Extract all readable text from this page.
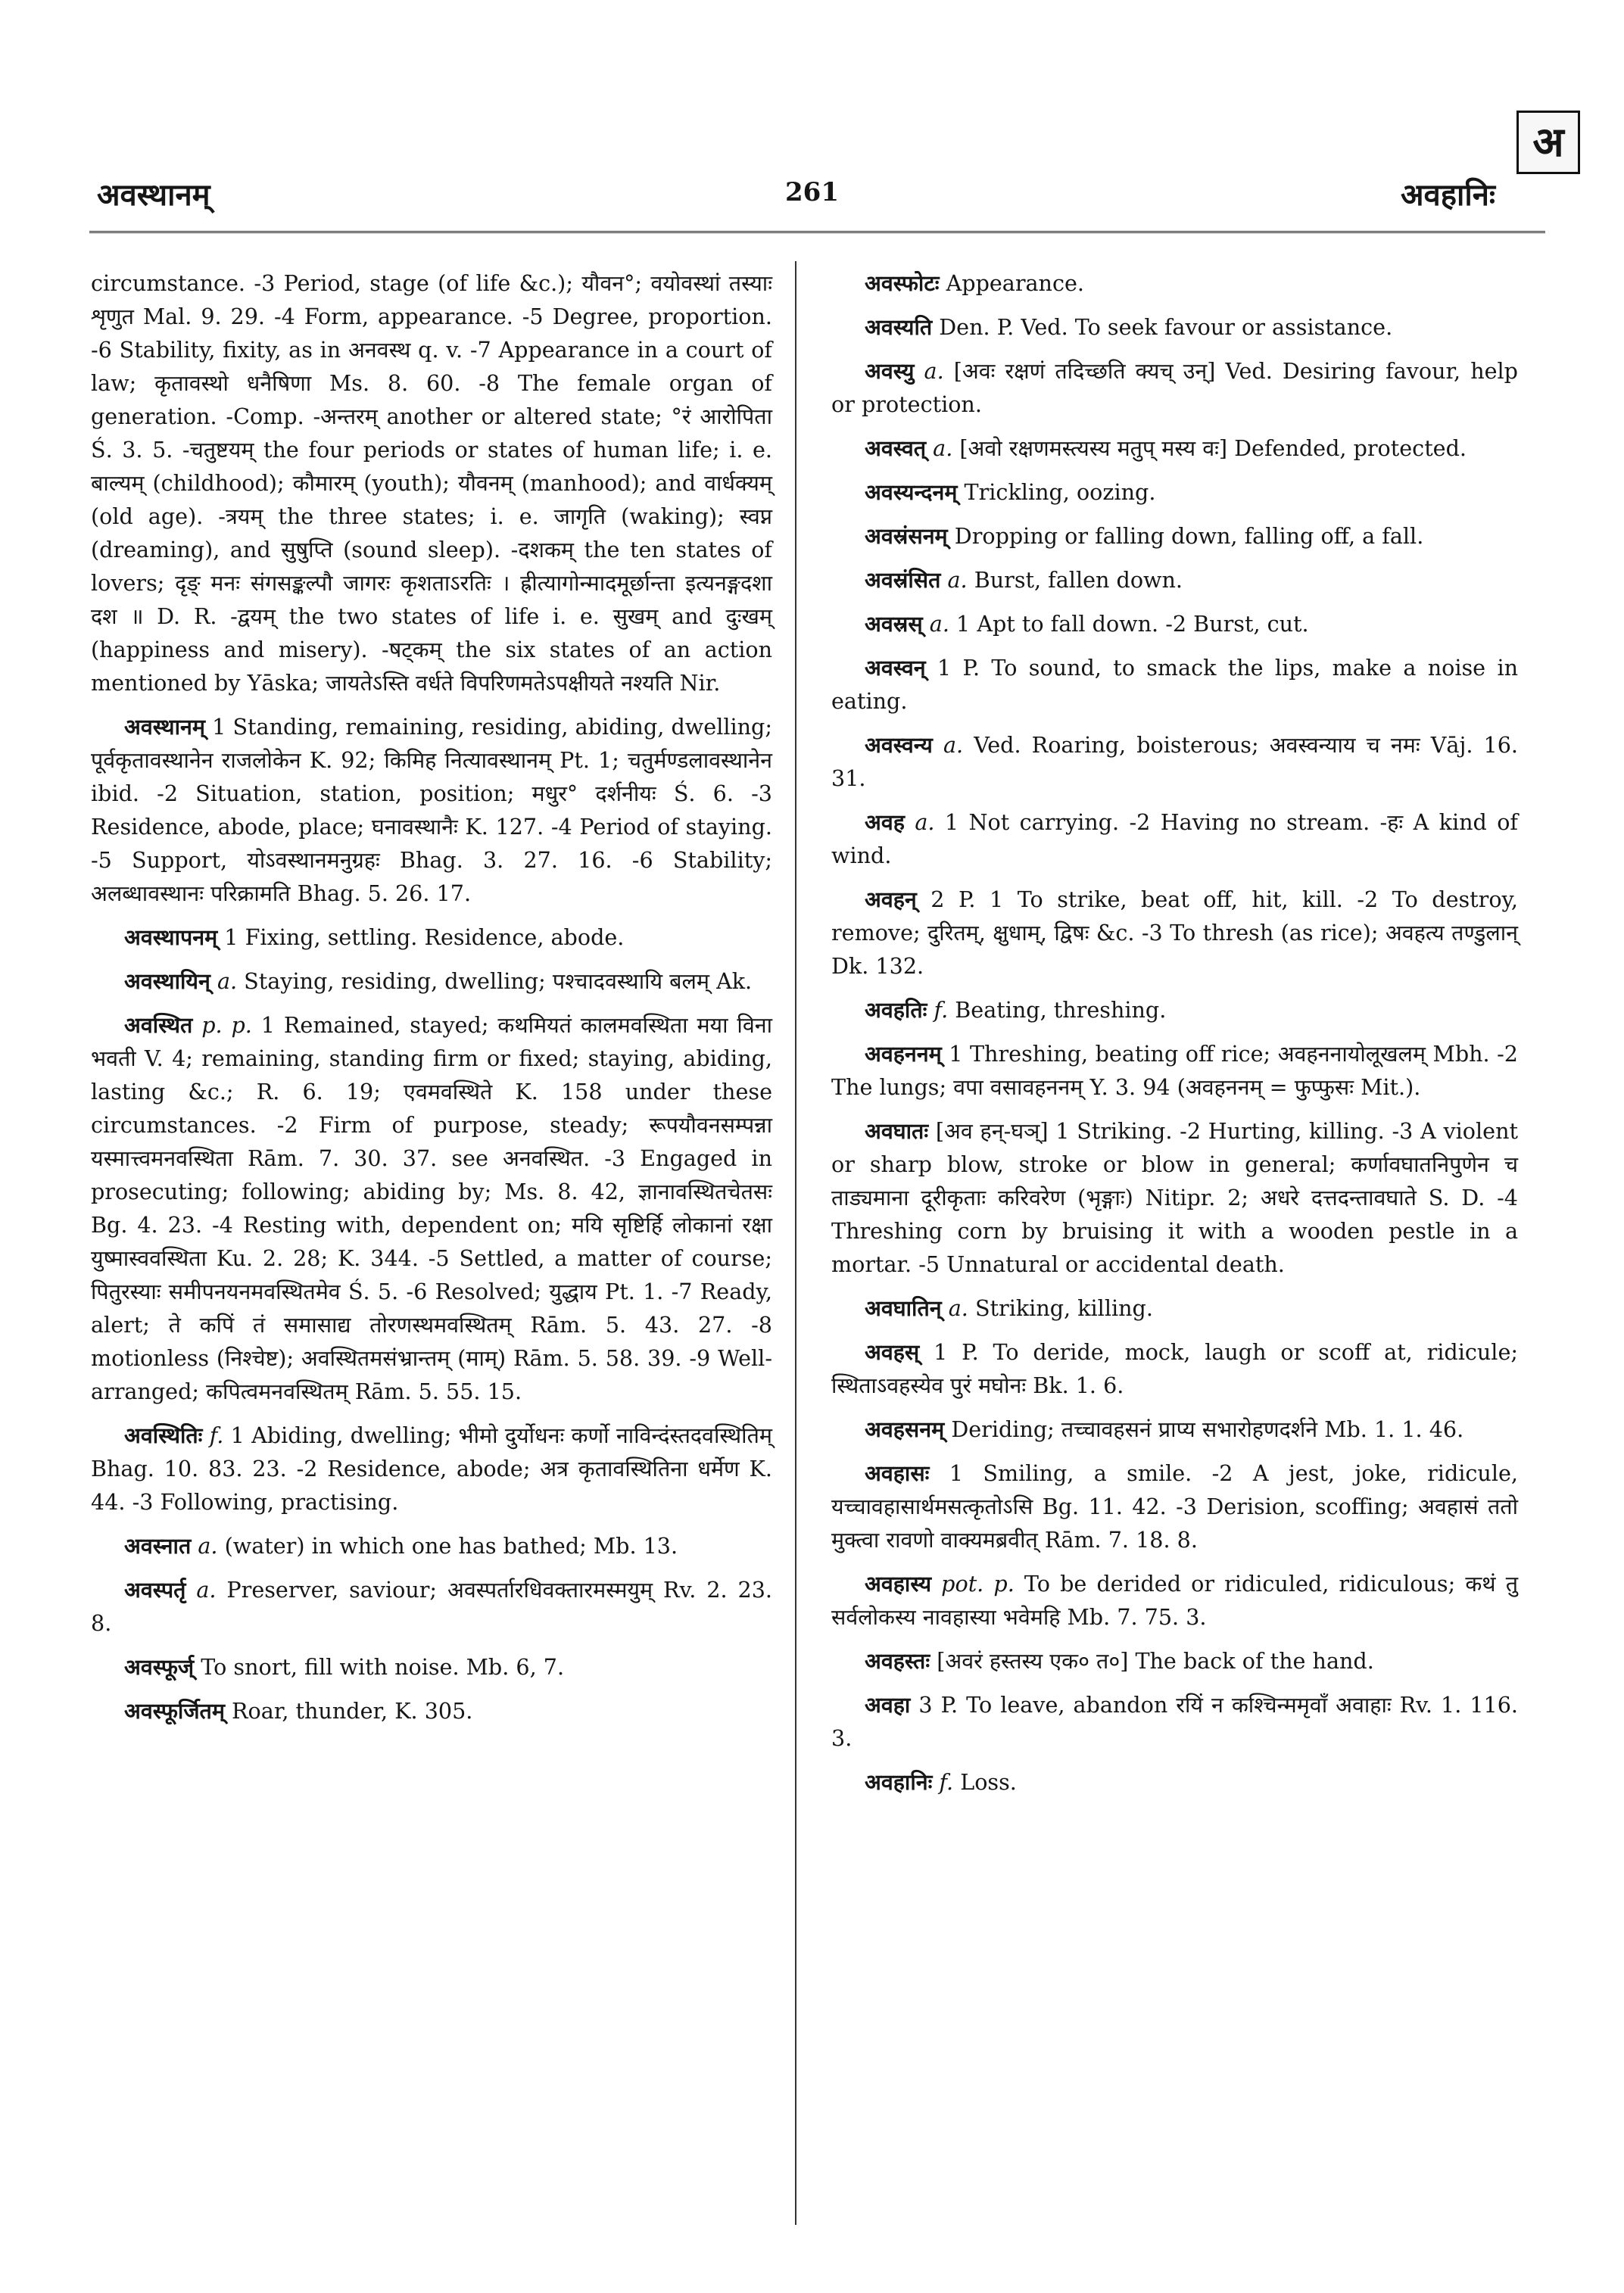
अवस्थानम्	261	अवहानिः
अ

circumstance. -3 Period, stage (of life &c.); यौवन°; वयोवस्थां तस्याः शृणुत Mal. 9. 29. -4 Form, appearance. -5 Degree, proportion. -6 Stability, fixity, as in अनवस्थ q. v. -7 Appearance in a court of law; कृतावस्थो धनैषिणा Ms. 8. 60. -8 The female organ of generation. -Comp. -अन्तरम् another or altered state; °रं आरोपिता Ś. 3. 5. -चतुष्टयम् the four periods or states of human life; i. e. बाल्यम् (childhood); कौमारम् (youth); यौवनम् (manhood); and वार्धक्यम् (old age). -त्रयम् the three states; i. e. जागृति (waking); स्वप्न (dreaming), and सुषुप्ति (sound sleep). -दशकम् the ten states of lovers; दृङ् मनः संगसङ्कल्पौ जागरः कृशताऽरतिः । ह्रीत्यागोन्मादमूर्छान्ता इत्यनङ्गदशा दश ॥ D. R. -द्वयम् the two states of life i. e. सुखम् and दुःखम् (happiness and misery). -षट्कम् the six states of an action mentioned by Yāska; जायतेऽस्ति वर्धते विपरिणमतेऽपक्षीयते नश्यति Nir.

अवस्थानम् 1 Standing, remaining, residing, abiding, dwelling; पूर्वकृतावस्थानेन राजलोकेन K. 92; किमिह नित्यावस्थानम् Pt. 1; चतुर्मण्डलावस्थानेन ibid. -2 Situation, station, position; मधुर° दर्शनीयः Ś. 6. -3 Residence, abode, place; घनावस्थानैः K. 127. -4 Period of staying. -5 Support, योऽवस्थानमनुग्रहः Bhag. 3. 27. 16. -6 Stability; अलब्धावस्थानः परिक्रामति Bhag. 5. 26. 17.

अवस्थापनम् 1 Fixing, settling. Residence, abode.

अवस्थायिन् a. Staying, residing, dwelling; पश्चादवस्थायि बलम् Ak.

अवस्थित p. p. 1 Remained, stayed; कथमियतं कालमवस्थिता मया विना भवती V. 4; remaining, standing firm or fixed; staying, abiding, lasting &c.; R. 6. 19; एवमवस्थिते K. 158 under these circumstances. -2 Firm of purpose, steady; रूपयौवनसम्पन्ना यस्मात्त्वमनवस्थिता Rām. 7. 30. 37. see अनवस्थित. -3 Engaged in prosecuting; following; abiding by; Ms. 8. 42, ज्ञानावस्थितचेतसः Bg. 4. 23. -4 Resting with, dependent on; मयि सृष्टिर्हि लोकानां रक्षा युष्मास्ववस्थिता Ku. 2. 28; K. 344. -5 Settled, a matter of course; पितुरस्याः समीपनयनमवस्थितमेव Ś. 5. -6 Resolved; युद्धाय Pt. 1. -7 Ready, alert; ते कपिं तं समासाद्य तोरणस्थमवस्थितम् Rām. 5. 43. 27. -8 motionless (निश्चेष्ट); अवस्थितमसंभ्रान्तम् (माम्) Rām. 5. 58. 39. -9 Well-arranged; कपित्वमनवस्थितम् Rām. 5. 55. 15.

अवस्थितिः f. 1 Abiding, dwelling; भीमो दुर्योधनः कर्णो नाविन्दंस्तदवस्थितिम् Bhag. 10. 83. 23. -2 Residence, abode; अत्र कृतावस्थितिना धर्मेण K. 44. -3 Following, practising.

अवस्नात a. (water) in which one has bathed; Mb. 13.

अवस्पर्तृ a. Preserver, saviour; अवस्पर्तारधिवक्तारमस्मयुम् Rv. 2. 23. 8.

अवस्फूर्ज् To snort, fill with noise. Mb. 6, 7.

अवस्फूर्जितम् Roar, thunder, K. 305.

अवस्फोटः Appearance.

अवस्यति Den. P. Ved. To seek favour or assistance.

अवस्यु a. [अवः रक्षणं तदिच्छति क्यच् उन्] Ved. Desiring favour, help or protection.

अवस्वत् a. [अवो रक्षणमस्त्यस्य मतुप् मस्य वः] Defended, protected.

अवस्यन्दनम् Trickling, oozing.

अवस्रंसनम् Dropping or falling down, falling off, a fall.

अवस्रंसित a. Burst, fallen down.

अवस्रस् a. 1 Apt to fall down. -2 Burst, cut.

अवस्वन् 1 P. To sound, to smack the lips, make a noise in eating.

अवस्वन्य a. Ved. Roaring, boisterous; अवस्वन्याय च नमः Vāj. 16. 31.

अवह a. 1 Not carrying. -2 Having no stream. -हः A kind of wind.

अवहन् 2 P. 1 To strike, beat off, hit, kill. -2 To destroy, remove; दुरितम्, क्षुधाम्, द्विषः &c. -3 To thresh (as rice); अवहत्य तण्डुलान् Dk. 132.

अवहतिः f. Beating, threshing.

अवहननम् 1 Threshing, beating off rice; अवहननायोलूखलम् Mbh. -2 The lungs; वपा वसावहननम् Y. 3. 94 (अवहननम् = फुप्फुसः Mit.).

अवघातः [अव हन्-घञ्] 1 Striking. -2 Hurting, killing. -3 A violent or sharp blow, stroke or blow in general; कर्णावघातनिपुणेन च ताड्यमाना दूरीकृताः करिवरेण (भृङ्गाः) Nitipr. 2; अधरे दत्तदन्तावघाते S. D. -4 Threshing corn by bruising it with a wooden pestle in a mortar. -5 Unnatural or accidental death.

अवघातिन् a. Striking, killing.

अवहस् 1 P. To deride, mock, laugh or scoff at, ridicule; स्थिताऽवहस्येव पुरं मघोनः Bk. 1. 6.

अवहसनम् Deriding; तच्चावहसनं प्राप्य सभारोहणदर्शने Mb. 1. 1. 46.

अवहासः 1 Smiling, a smile. -2 A jest, joke, ridicule, यच्चावहासार्थमसत्कृतोऽसि Bg. 11. 42. -3 Derision, scoffing; अवहासं ततो मुक्त्वा रावणो वाक्यमब्रवीत् Rām. 7. 18. 8.

अवहास्य pot. p. To be derided or ridiculed, ridiculous; कथं तु सर्वलोकस्य नावहास्या भवेमहि Mb. 7. 75. 3.

अवहस्तः [अवरं हस्तस्य एक० त०] The back of the hand.

अवहा 3 P. To leave, abandon रयिं न कश्चिन्ममृवाँ अवाहाः Rv. 1. 116. 3.

अवहानिः f. Loss.
